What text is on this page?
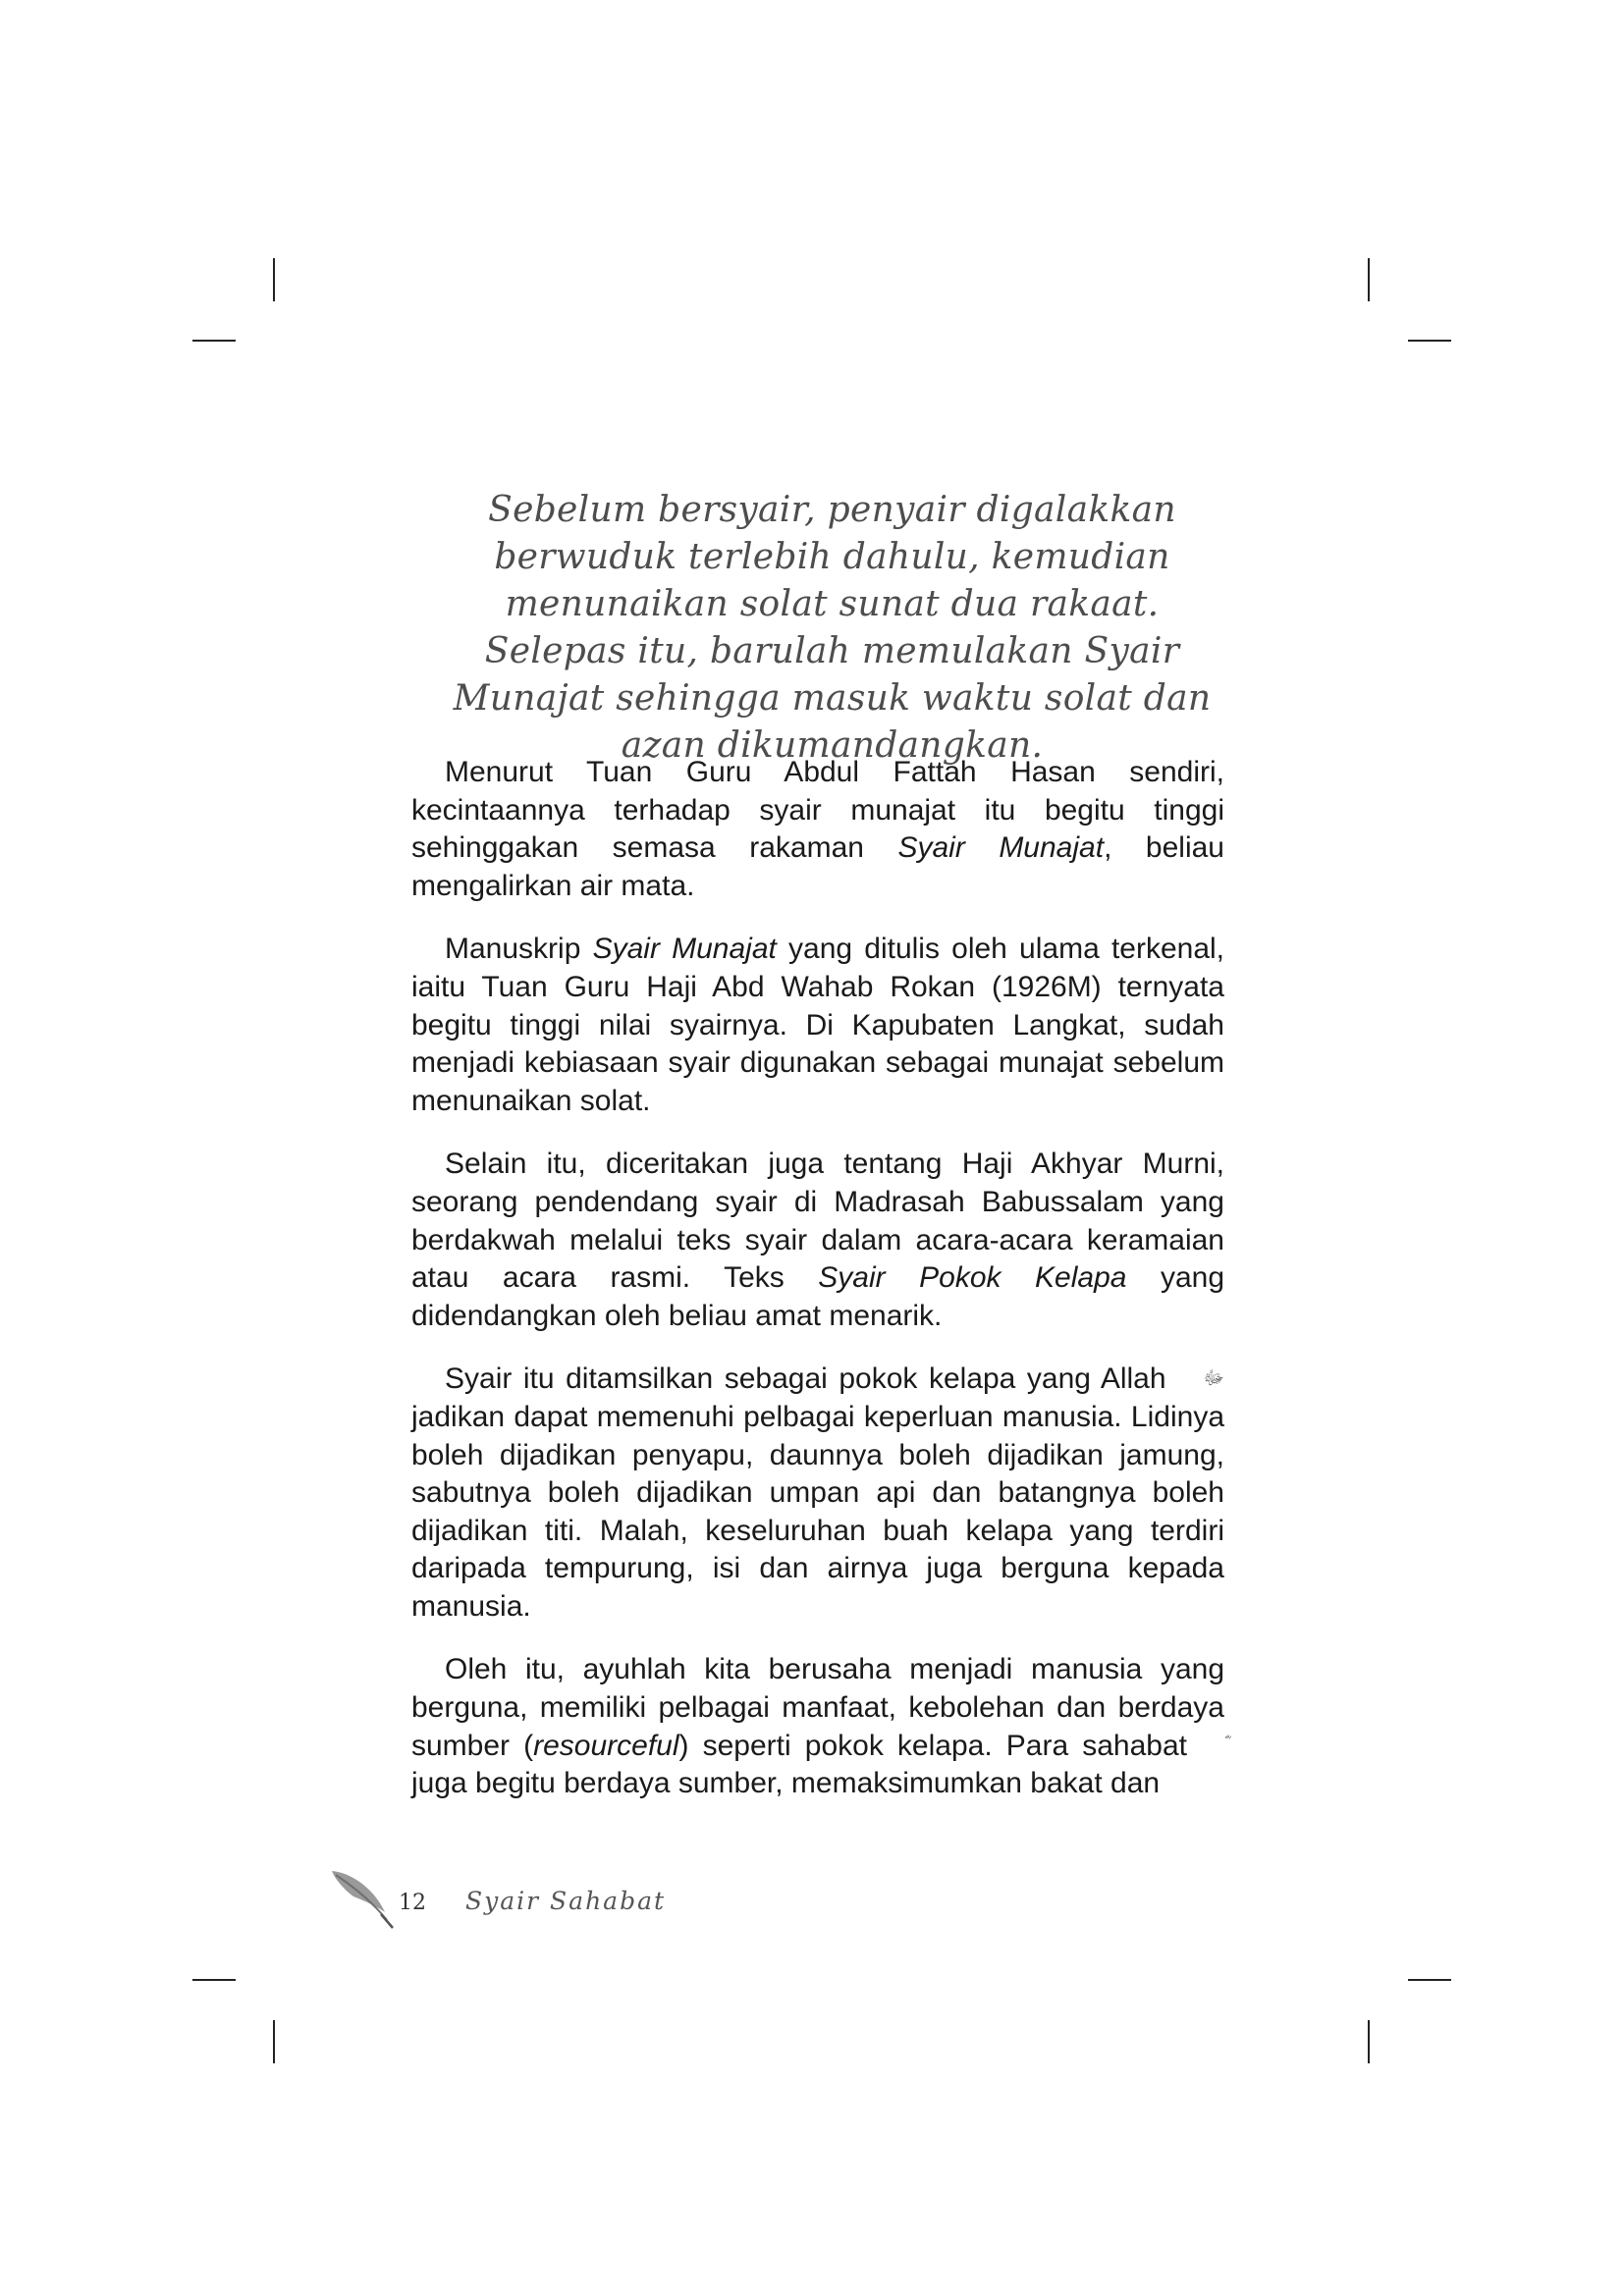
Sebelum bersyair, penyair digalakkan berwuduk terlebih dahulu, kemudian menunaikan solat sunat dua rakaat. Selepas itu, barulah memulakan Syair Munajat sehingga masuk waktu solat dan azan dikumandangkan.

Menurut Tuan Guru Abdul Fattah Hasan sendiri, kecintaannya terhadap syair munajat itu begitu tinggi sehinggakan semasa rakaman Syair Munajat, beliau mengalirkan air mata.

Manuskrip Syair Munajat yang ditulis oleh ulama terkenal, iaitu Tuan Guru Haji Abd Wahab Rokan (1926M) ternyata begitu tinggi nilai syairnya. Di Kapubaten Langkat, sudah menjadi kebiasaan syair digunakan sebagai munajat sebelum menunaikan solat.

Selain itu, diceritakan juga tentang Haji Akhyar Murni, seorang pendendang syair di Madrasah Babussalam yang berdakwah melalui teks syair dalam acara-acara keramaian atau acara rasmi. Teks Syair Pokok Kelapa yang didendangkan oleh beliau amat menarik.

Syair itu ditamsilkan sebagai pokok kelapa yang Allah ﷻ jadikan dapat memenuhi pelbagai keperluan manusia. Lidinya boleh dijadikan penyapu, daunnya boleh dijadikan jamung, sabutnya boleh dijadikan umpan api dan batangnya boleh dijadikan titi. Malah, keseluruhan buah kelapa yang terdiri daripada tempurung, isi dan airnya juga berguna kepada manusia.

Oleh itu, ayuhlah kita berusaha menjadi manusia yang berguna, memiliki pelbagai manfaat, kebolehan dan berdaya sumber (resourceful) seperti pokok kelapa. Para sahabat juga begitu berdaya sumber, memaksimumkan bakat dan

12 Syair Sahabat
